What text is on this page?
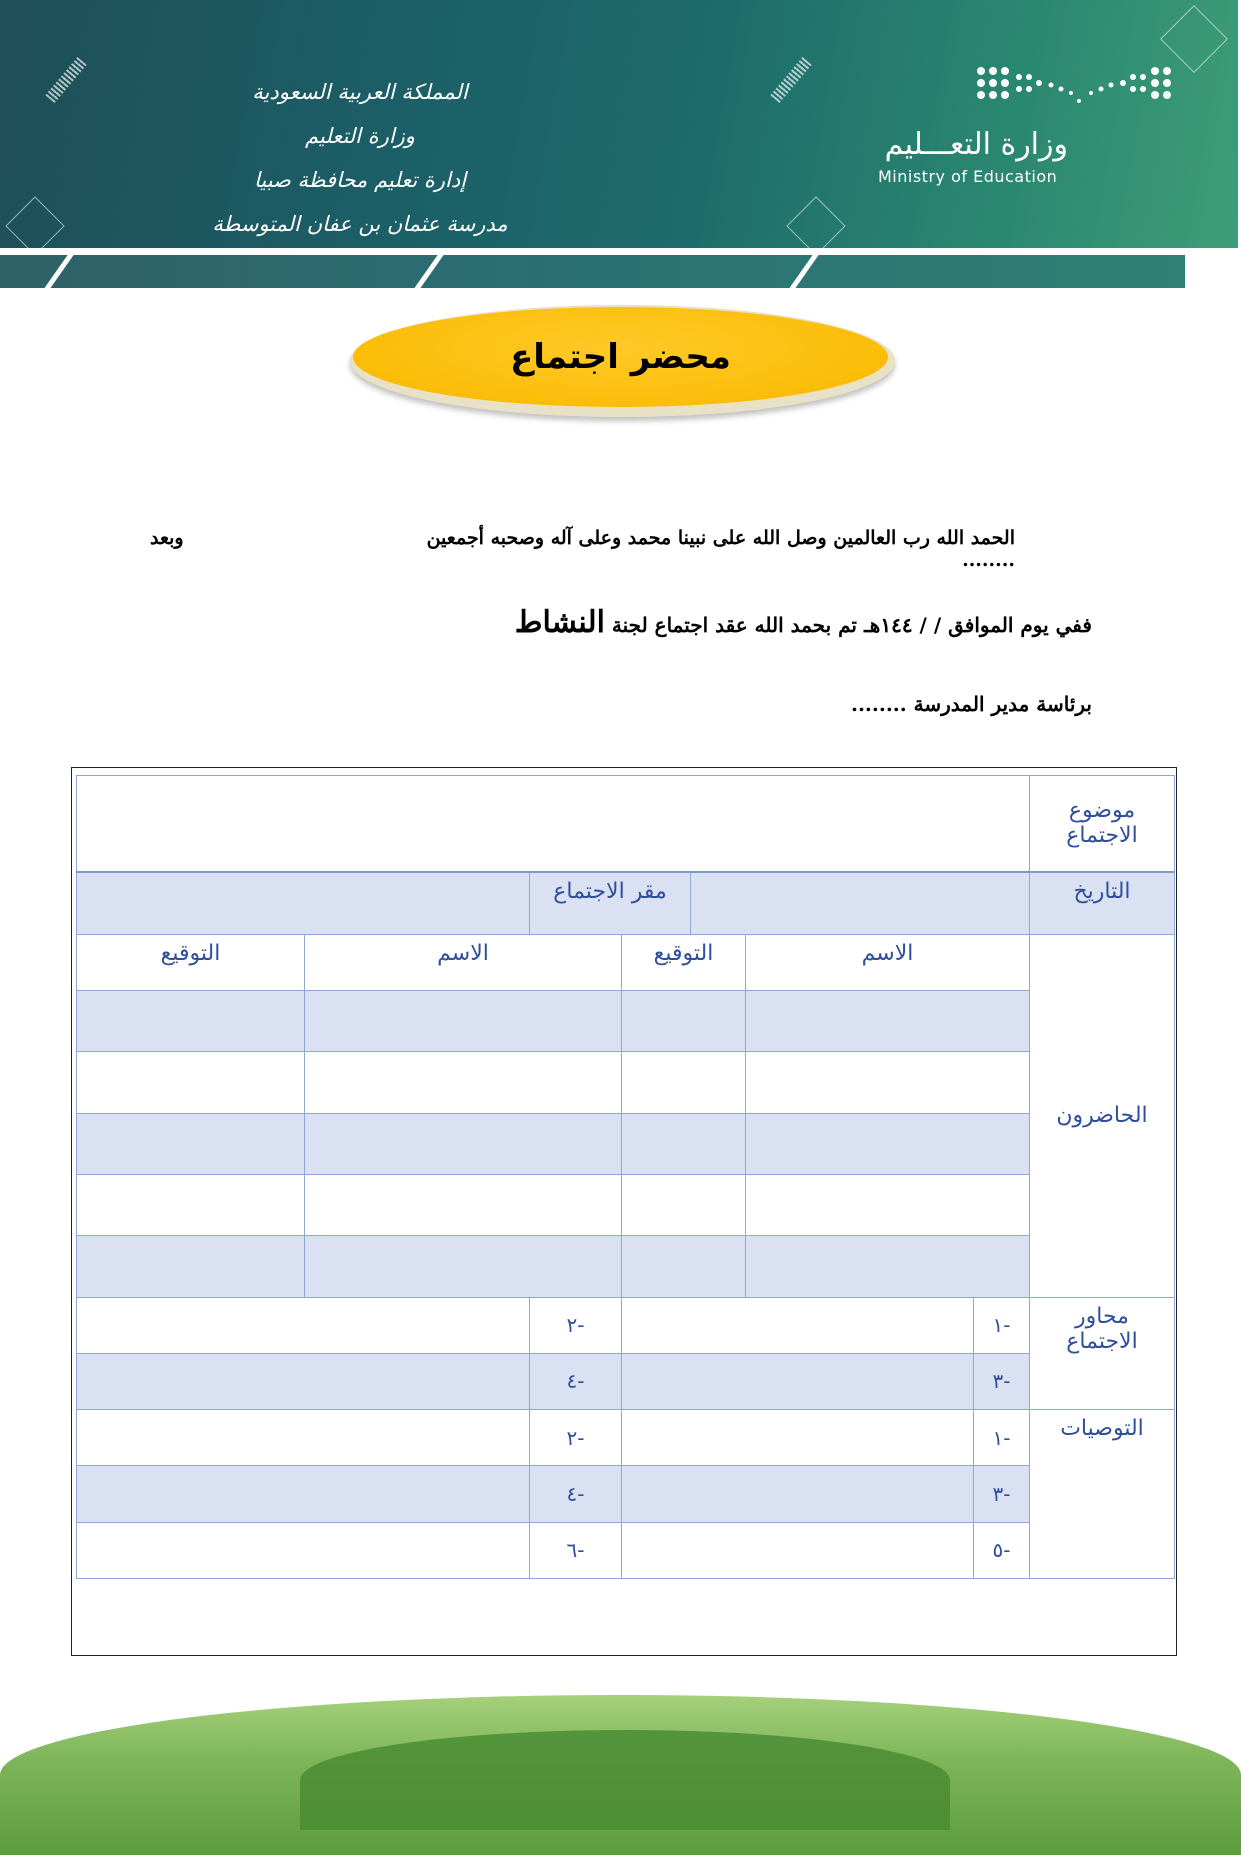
المملكة العربية السعودية
وزارة التعليم
إدارة تعليم محافظة صبيا
مدرسة عثمان بن عفان المتوسطة
وزارة التعـــليم
Ministry of Education
محضر اجتماع
الحمد الله رب العالمين وصل الله على نبينا محمد وعلى آله وصحبه أجمعين ........
وبعد
ففي يوم الموافق / / ١٤٤هـ تم بحمد الله عقد اجتماع لجنة النشاط
برئاسة مدير المدرسة ........
موضوع الاجتماع							
التاريخ				مقر الاجتماع			
الحاضرون	الاسم		التوقيع		الاسم		التوقيع

محاور الاجتماع	-١				-٢		
	-٣				-٤		
التوصيات	-١				-٢		
	-٣				-٤		
	-٥				-٦		
